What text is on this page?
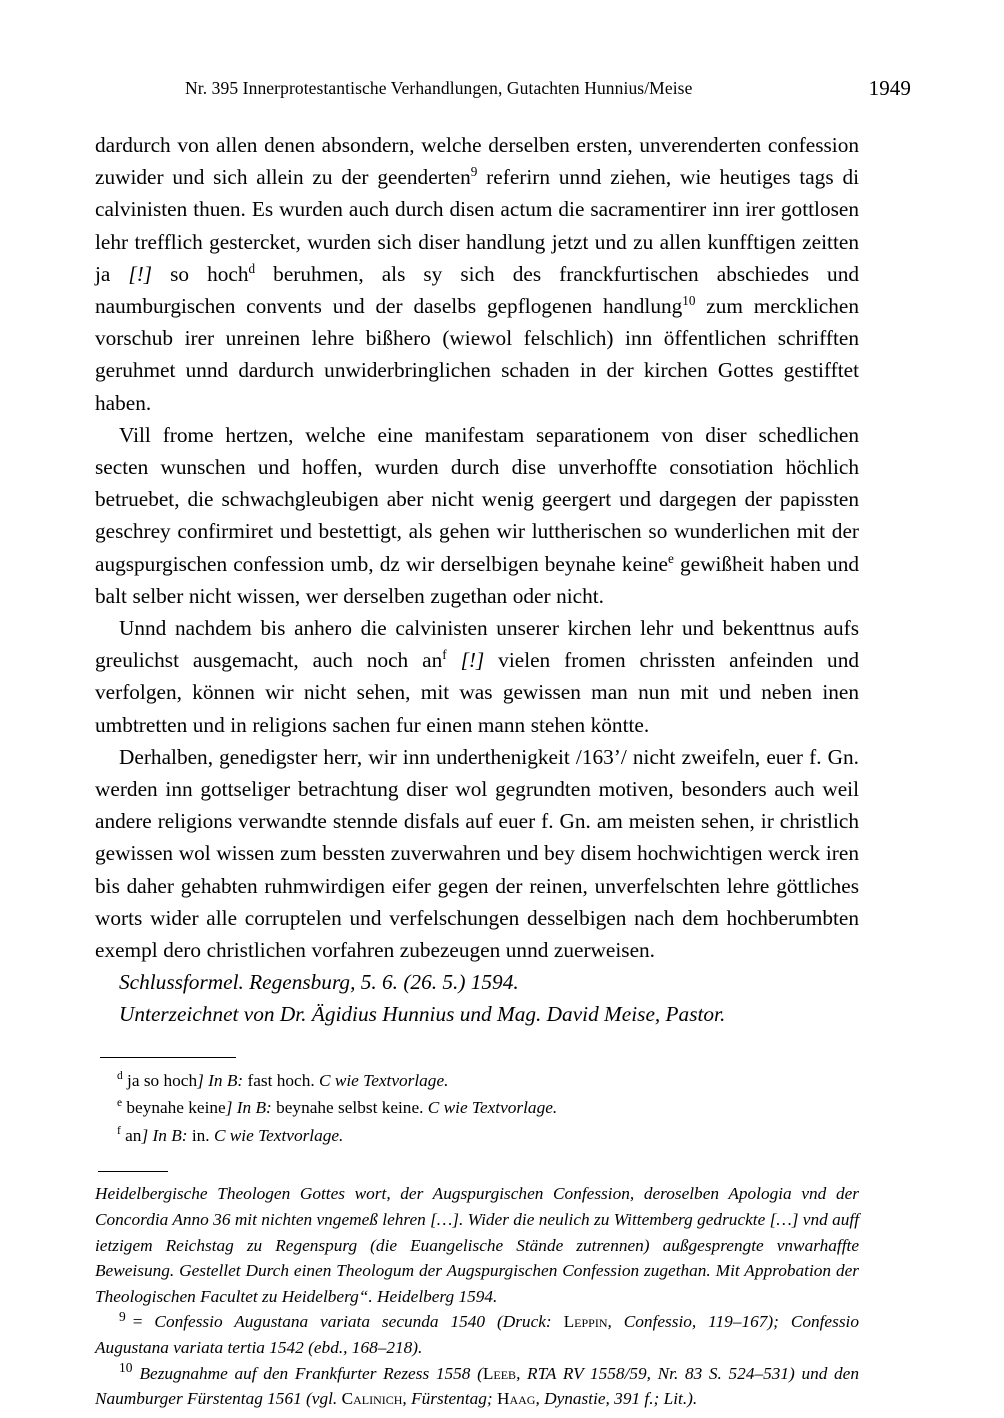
Nr. 395 Innerprotestantische Verhandlungen, Gutachten Hunnius/Meise	1949

dardurch von allen denen absondern, welche derselben ersten, unverenderten confession zuwider und sich allein zu der geenderten$^9$ referirn unnd ziehen, wie heutiges tags di calvinisten thuen. Es wurden auch durch disen actum die sacramentirer inn irer gottlosen lehr trefflich gestercket, wurden sich diser handlung jetzt und zu allen kunfftigen zeitten ja [!] so hoch$^d$ beruhmen, als sy sich des franckfurtischen abschiedes und naumburgischen convents und der daselbs gepflogenen handlung$^{10}$ zum mercklichen vorschub irer unreinen lehre bißhero (wiewol felschlich) inn öffentlichen schrifften geruhmet unnd dardurch unwiderbringlichen schaden in der kirchen Gottes gestifftet haben.

Vill frome hertzen, welche eine manifestam separationem von diser schedlichen secten wunschen und hoffen, wurden durch dise unverhoffte consotiation höchlich betruebet, die schwachgleubigen aber nicht wenig geergert und dargegen der papissten geschrey confirmiret und bestettigt, als gehen wir luttherischen so wunderlichen mit der augspurgischen confession umb, dz wir derselbigen beynahe keine$^e$ gewißheit haben und balt selber nicht wissen, wer derselben zugethan oder nicht.

Unnd nachdem bis anhero die calvinisten unserer kirchen lehr und bekenttnus aufs greulichst ausgemacht, auch noch $an^f$ [!] vielen fromen chrissten anfeinden und verfolgen, können wir nicht sehen, mit was gewissen man nun mit und neben inen umbtretten und in religions sachen fur einen mann stehen köntte.

Derhalben, genedigster herr, wir inn underthenigkeit /163’/ nicht zweifeln, euer f. Gn. werden inn gottseliger betrachtung diser wol gegrundten motiven, besonders auch weil andere religions verwandte stennde disfals auf euer f. Gn. am meisten sehen, ir christlich gewissen wol wissen zum bessten zuverwahren und bey disem hochwichtigen werck iren bis daher gehabten ruhmwirdigen eifer gegen der reinen, unverfelschten lehre göttliches worts wider alle corruptelen und verfelschungen desselbigen nach dem hochberumbten exempl dero christlichen vorfahren zubezeugen unnd zuerweisen.

Schlussformel. Regensburg, 5. 6. (26. 5.) 1594.

Unterzeichnet von Dr. Ägidius Hunnius und Mag. David Meise, Pastor.

$^d$ ja so hoch] In B: fast hoch. C wie Textvorlage.

$^e$ beynahe keine] In B: beynahe selbst keine. C wie Textvorlage.

$^f$ an] In B: in. C wie Textvorlage.

Heidelbergische Theologen Gottes wort, der Augspurgischen Confession, deroselben Apologia vnd der Concordia Anno 36 mit nichten vngemeß lehren […]. Wider die neulich zu Wittemberg gedruckte […] vnd auff ietzigem Reichstag zu Regenspurg (die Euangelische Stände zutrennen) außgesprengte vnwarhaffte Beweisung. Gestellet Durch einen Theologum der Augspurgischen Confession zugethan. Mit Approbation der Theologischen Facultet zu Heidelberg“. Heidelberg 1594.

$^9$ = Confessio Augustana variata secunda 1540 (Druck: Leppin, Confessio, 119–167); Confessio Augustana variata tertia 1542 (ebd., 168–218).

$^{10}$ Bezugnahme auf den Frankfurter Rezess 1558 (Leeb, RTA RV 1558/59, Nr. 83 S. 524–531) und den Naumburger Fürstentag 1561 (vgl. Calinich, Fürstentag; Haag, Dynastie, 391 f.; Lit.).
